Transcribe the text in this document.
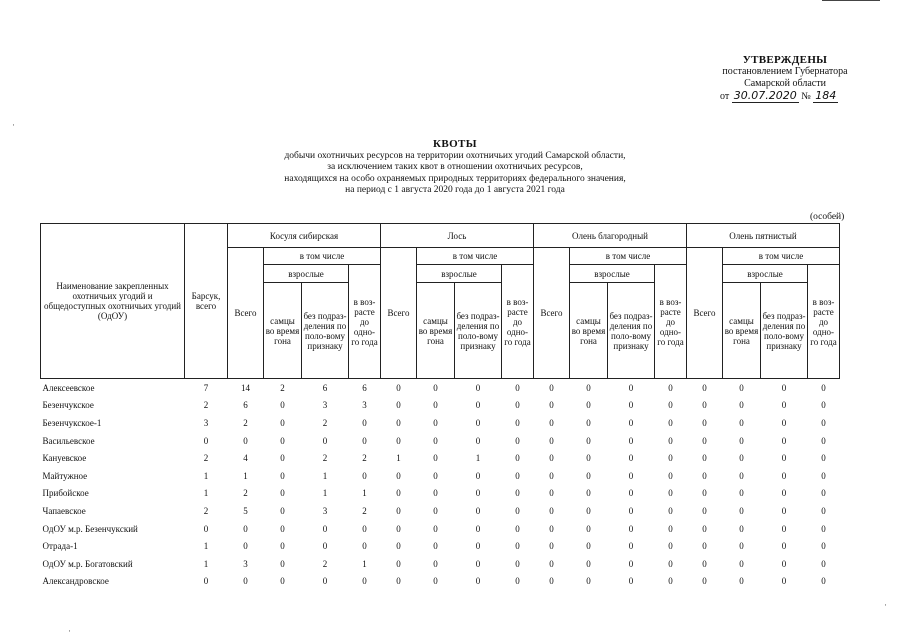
УТВЕРЖДЕНЫ
постановлением Губернатора
Самарской области
от 30.07.2020 № 184
КВОТЫ
добычи охотничьих ресурсов на территории охотничьих угодий Самарской области,
за исключением таких квот в отношении охотничьих ресурсов,
находящихся на особо охраняемых природных территориях федерального значения,
на период с 1 августа 2020 года до 1 августа 2021 года
(особей)
Наименование закрепленных охотничьих угодий и общедоступных охотничьих угодий (ОдОУ)	Барсук, всего	Косуля сибирская				Лось				Олень благородный				Олень пятнистый			
		Всего	в том числе			Всего	в том числе			Всего	в том числе			Всего	в том числе		
			взрослые		в воз-расте до одно-го года		взрослые		в воз-расте до одно-го года		взрослые		в воз-расте до одно-го года		взрослые		в воз-расте до одно-го года
			самцы во время гона	без подраз-деления по поло-вому признаку			самцы во время гона	без подраз-деления по поло-вому признаку			самцы во время гона	без подраз-деления по поло-вому признаку			самцы во время гона	без подраз-деления по поло-вому признаку	
Алексеевское	7	14	2	6	6	0	0	0	0	0	0	0	0	0	0	0	0
Безенчукское	2	6	0	3	3	0	0	0	0	0	0	0	0	0	0	0	0
Безенчукское-1	3	2	0	2	0	0	0	0	0	0	0	0	0	0	0	0	0
Васильевское	0	0	0	0	0	0	0	0	0	0	0	0	0	0	0	0	0
Кануевское	2	4	0	2	2	1	0	1	0	0	0	0	0	0	0	0	0
Майтужное	1	1	0	1	0	0	0	0	0	0	0	0	0	0	0	0	0
Прибойское	1	2	0	1	1	0	0	0	0	0	0	0	0	0	0	0	0
Чапаевское	2	5	0	3	2	0	0	0	0	0	0	0	0	0	0	0	0
ОдОУ м.р. Безенчукский	0	0	0	0	0	0	0	0	0	0	0	0	0	0	0	0	0
Отрада-1	1	0	0	0	0	0	0	0	0	0	0	0	0	0	0	0	0
ОдОУ м.р. Богатовский	1	3	0	2	1	0	0	0	0	0	0	0	0	0	0	0	0
Александровское	0	0	0	0	0	0	0	0	0	0	0	0	0	0	0	0	0
·
·
·
